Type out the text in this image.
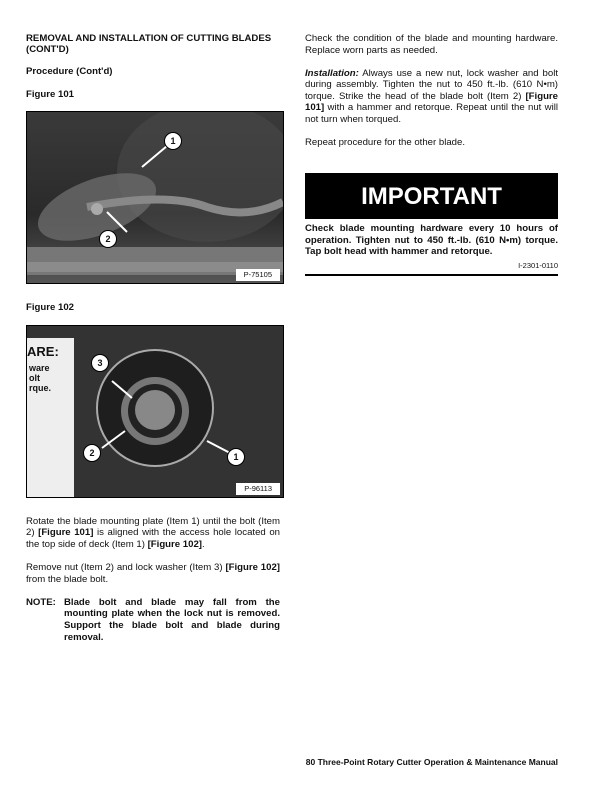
REMOVAL AND INSTALLATION OF CUTTING BLADES (CONT'D)
Procedure (Cont'd)
Figure 101
1
2
P-75105
Figure 102
ARE:
ware
olt
rque.
3
2	1
P-96113

Rotate the blade mounting plate (Item 1) until the bolt (Item 2) [Figure 101] is aligned with the access hole located on the top side of deck (Item 1) [Figure 102].

Remove nut (Item 2) and lock washer (Item 3) [Figure 102] from the blade bolt.

NOTE: Blade bolt and blade may fall from the mounting plate when the lock nut is removed. Support the blade bolt and blade during removal.

Check the condition of the blade and mounting hardware. Replace worn parts as needed.

Installation: Always use a new nut, lock washer and bolt during assembly. Tighten the nut to 450 ft.-lb. (610 N•m) torque. Strike the head of the blade bolt (Item 2) [Figure 101] with a hammer and retorque. Repeat until the nut will not turn when torqued.

Repeat procedure for the other blade.

IMPORTANT
Check blade mounting hardware every 10 hours of operation. Tighten nut to 450 ft.-lb. (610 N•m) torque. Tap bolt head with hammer and retorque.
I-2301-0110
80 Three-Point Rotary Cutter Operation & Maintenance Manual
